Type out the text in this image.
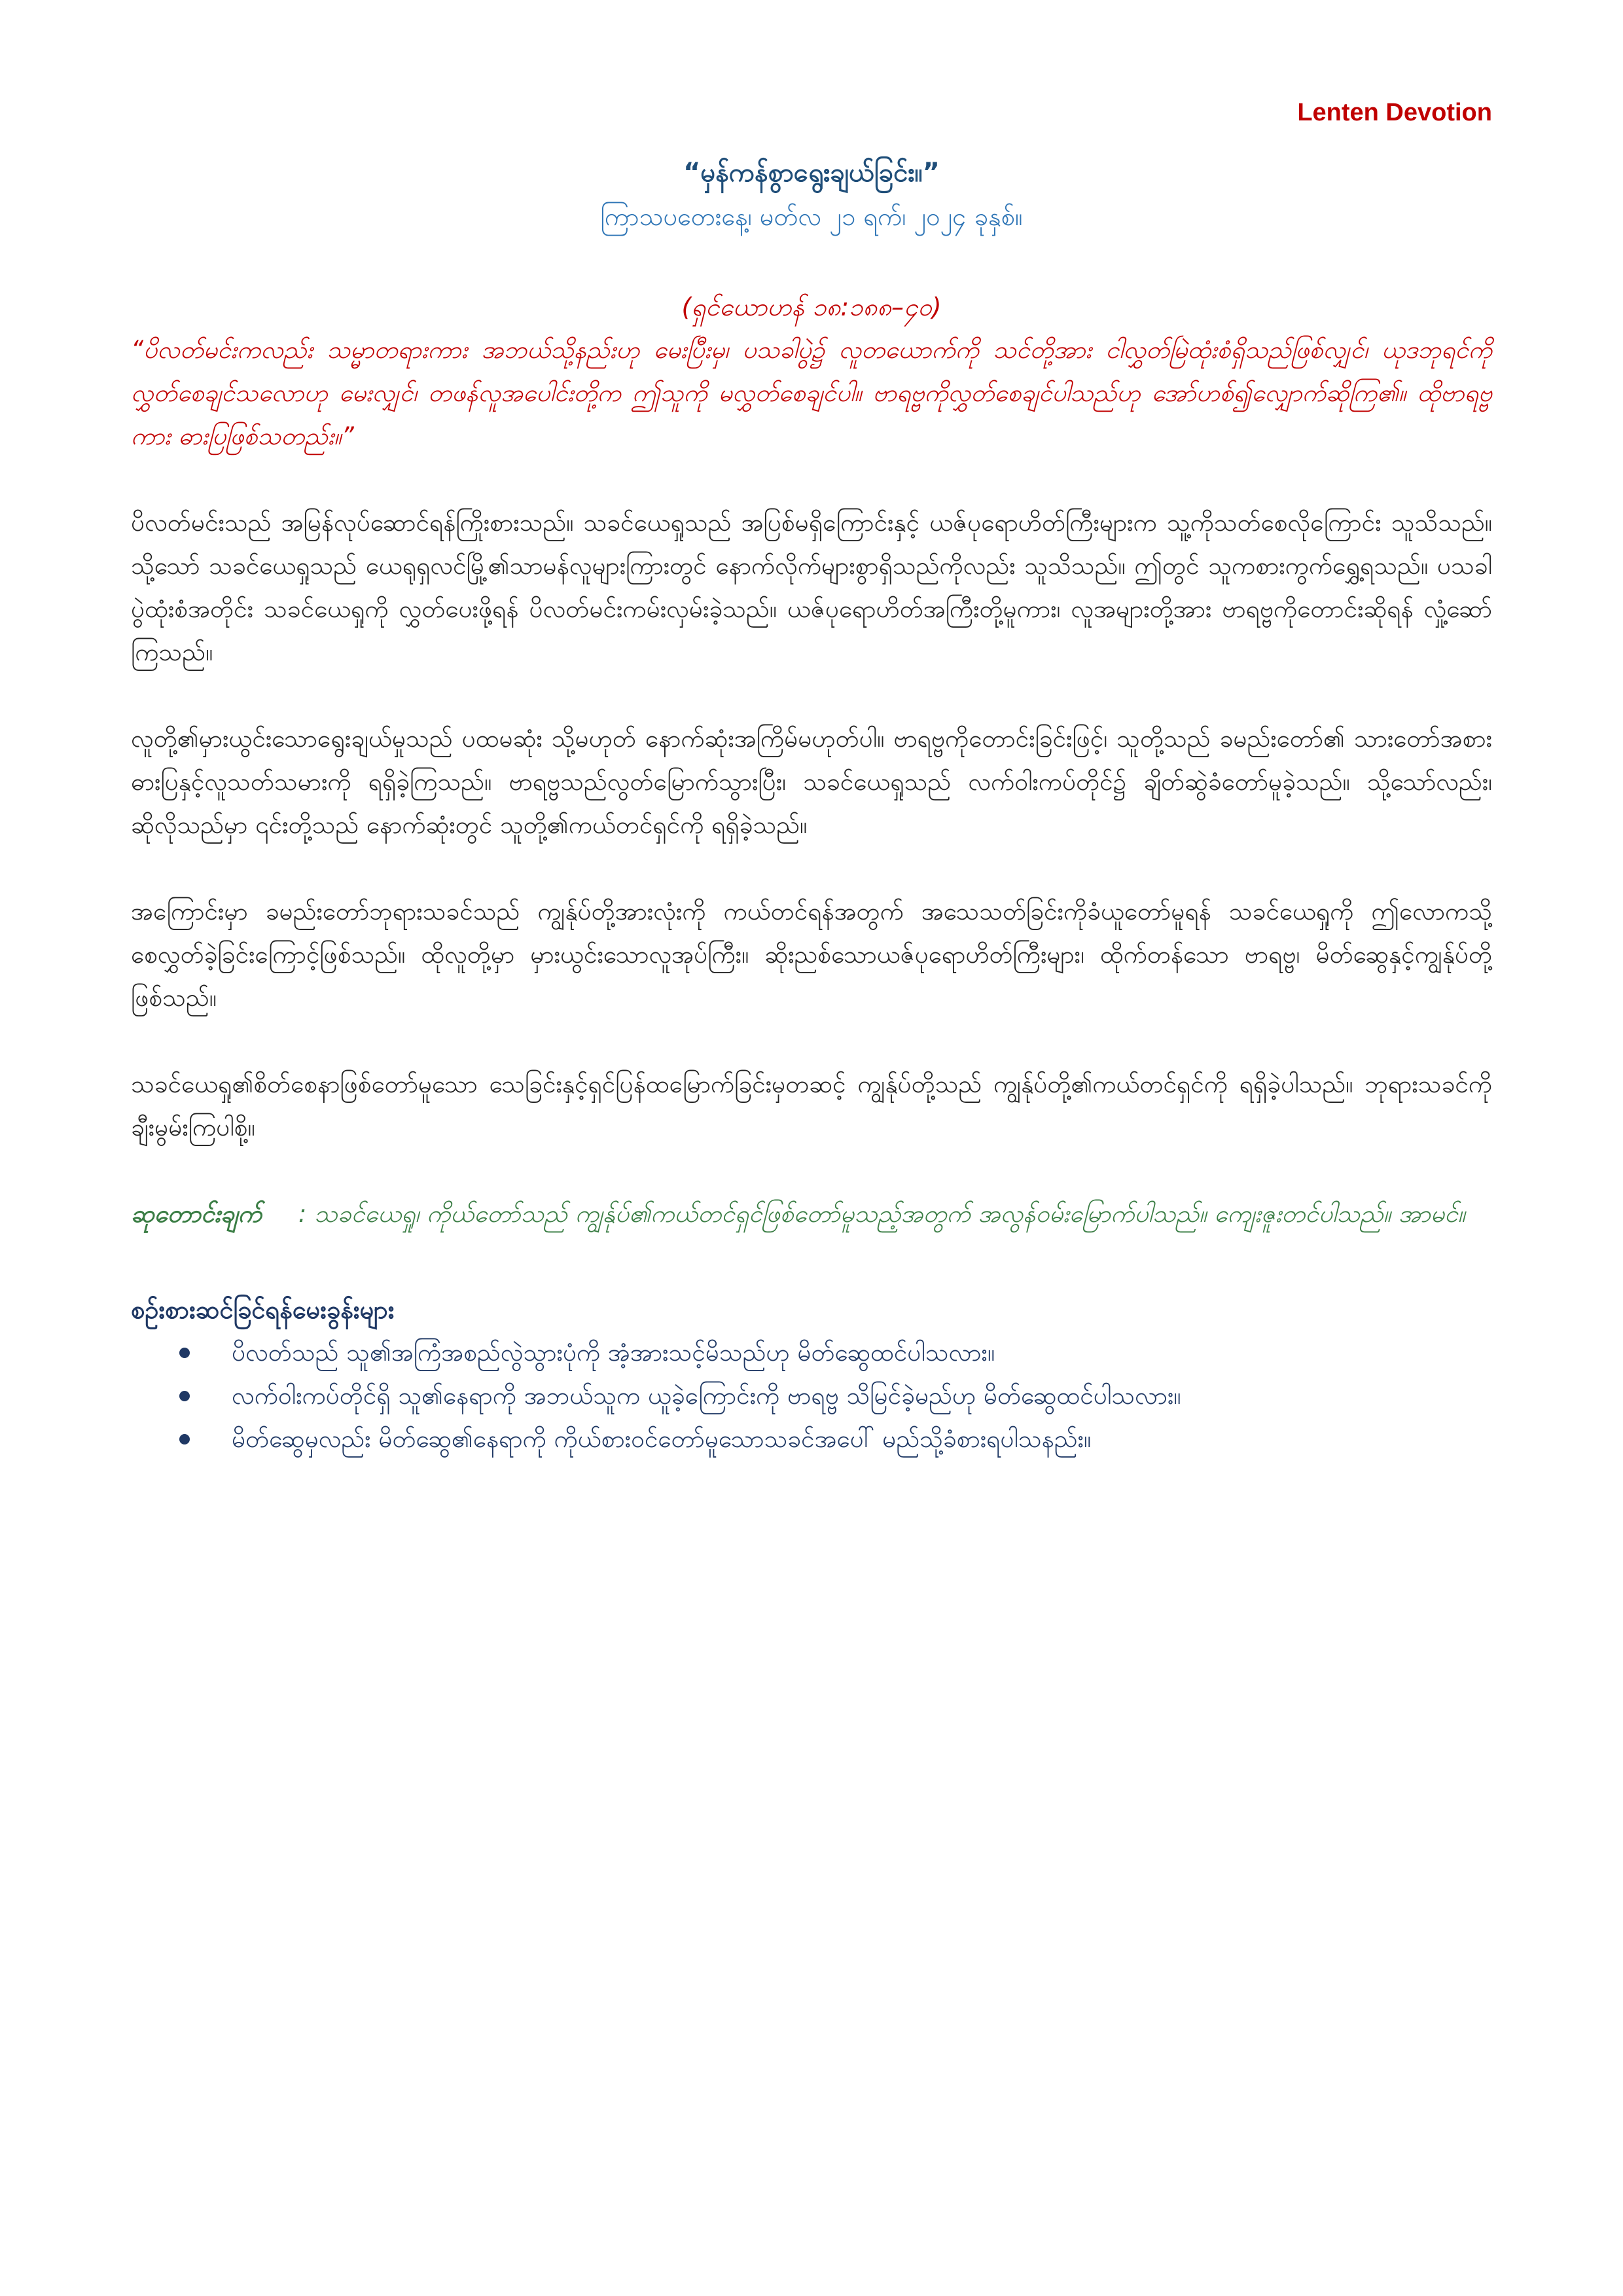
Lenten Devotion

“မှန်ကန်စွာရွေးချယ်ခြင်း။”

ကြာသပတေးနေ့၊ မတ်လ ၂၁ ရက်၊ ၂၀၂၄ ခုနှစ်။

(ရှင်ယောဟန် ၁၈:၁၈၈–၄၀)

“ပိလတ်မင်းကလည်း သမ္မာတရားကား အဘယ်သို့နည်းဟု မေးပြီးမှ၊ ပသခါပွဲ၌ လူတယောက်ကို သင်တို့အား ငါလွှတ်မြဲထုံးစံရှိသည်ဖြစ်လျှင်၊ ယုဒဘုရင်ကို လွှတ်စေချင်သလောဟု မေးလျှင်၊ တဖန်လူအပေါင်းတို့က ဤသူကို မလွှတ်စေချင်ပါ။ ဗာရဗ္ဗကိုလွှတ်စေချင်ပါသည်ဟု အော်ဟစ်၍လျှောက်ဆိုကြ၏။ ထိုဗာရဗ္ဗကား ဓားပြဖြစ်သတည်း။”

ပိလတ်မင်းသည် အမြန်လုပ်ဆောင်ရန်ကြိုးစားသည်။ သခင်ယေရှုသည် အပြစ်မရှိကြောင်းနှင့် ယဇ်ပုရောဟိတ်ကြီးများက သူ့ကိုသတ်စေလိုကြောင်း သူသိသည်။ သို့သော် သခင်ယေရှုသည် ယေရုရှလင်မြို့၏သာမန်လူများကြားတွင် နောက်လိုက်များစွာရှိသည်ကိုလည်း သူသိသည်။ ဤတွင် သူကစားကွက်ရွှေ့ရသည်။ ပသခါပွဲထုံးစံအတိုင်း သခင်ယေရှုကို လွှတ်ပေးဖို့ရန် ပိလတ်မင်းကမ်းလှမ်းခဲ့သည်။ ယဇ်ပုရောဟိတ်အကြီးတို့မူကား၊ လူအများတို့အား ဗာရဗ္ဗကိုတောင်းဆိုရန် လှုံ့ဆော်ကြသည်။

လူတို့၏မှားယွင်းသောရွေးချယ်မှုသည် ပထမဆုံး သို့မဟုတ် နောက်ဆုံးအကြိမ်မဟုတ်ပါ။ ဗာရဗ္ဗကိုတောင်းခြင်းဖြင့်၊ သူတို့သည် ခမည်းတော်၏ သားတော်အစား ဓားပြနှင့်လူသတ်သမားကို ရရှိခဲ့ကြသည်။ ဗာရဗ္ဗသည်လွတ်မြောက်သွားပြီး၊ သခင်ယေရှုသည် လက်ဝါးကပ်တိုင်၌ ချိတ်ဆွဲခံတော်မူခဲ့သည်။ သို့သော်လည်း၊ ဆိုလိုသည်မှာ ၎င်းတို့သည် နောက်ဆုံးတွင် သူတို့၏ကယ်တင်ရှင်ကို ရရှိခဲ့သည်။

အကြောင်းမှာ ခမည်းတော်ဘုရားသခင်သည် ကျွန်ုပ်တို့အားလုံးကို ကယ်တင်ရန်အတွက် အသေသတ်ခြင်းကိုခံယူတော်မူရန် သခင်ယေရှုကို ဤလောကသို့စေလွှတ်ခဲ့ခြင်းကြောင့်ဖြစ်သည်။ ထိုလူတို့မှာ မှားယွင်းသောလူအုပ်ကြီး။ ဆိုးညစ်သောယဇ်ပုရောဟိတ်ကြီးများ၊ ထိုက်တန်သော ဗာရဗ္ဗ၊ မိတ်ဆွေနှင့်ကျွန်ုပ်တို့ဖြစ်သည်။

သခင်ယေရှု၏စိတ်စေနာဖြစ်တော်မူသော သေခြင်းနှင့်ရှင်ပြန်ထမြောက်ခြင်းမှတဆင့် ကျွန်ုပ်တို့သည် ကျွန်ုပ်တို့၏ကယ်တင်ရှင်ကို ရရှိခဲ့ပါသည်။ ဘုရားသခင်ကို ချီးမွမ်းကြပါစို့။

ဆုတောင်းချက် : သခင်ယေရှု၊ ကိုယ်တော်သည် ကျွန်ုပ်၏ကယ်တင်ရှင်ဖြစ်တော်မူသည့်အတွက် အလွန်ဝမ်းမြောက်ပါသည်။ ကျေးဇူးတင်ပါသည်။ အာမင်။

စဉ်းစားဆင်ခြင်ရန်မေးခွန်းများ

ပိလတ်သည် သူ၏အကြံအစည်လွဲသွားပုံကို အံ့အားသင့်မိသည်ဟု မိတ်ဆွေထင်ပါသလား။
လက်ဝါးကပ်တိုင်ရှိ သူ၏နေရာကို အဘယ်သူက ယူခဲ့ကြောင်းကို ဗာရဗ္ဗ သိမြင်ခဲ့မည်ဟု မိတ်ဆွေထင်ပါသလား။
မိတ်ဆွေမှလည်း မိတ်ဆွေ၏နေရာကို ကိုယ်စားဝင်တော်မူသောသခင်အပေါ် မည်သို့ခံစားရပါသနည်း။
